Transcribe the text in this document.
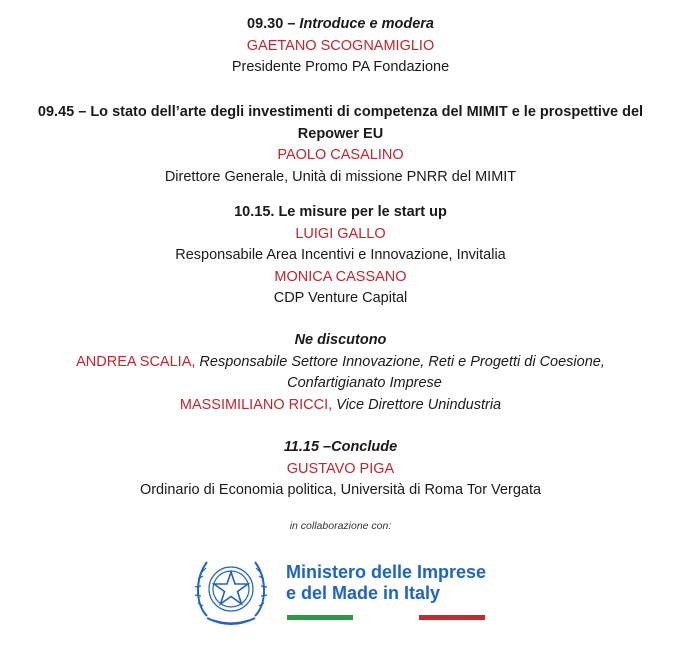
09.30 – Introduce e modera
GAETANO SCOGNAMIGLIO
Presidente Promo PA Fondazione
09.45 – Lo stato dell’arte degli investimenti di competenza del MIMIT e le prospettive del
Repower EU
PAOLO CASALINO
Direttore Generale, Unità di missione PNRR del MIMIT
10.15. Le misure per le start up
LUIGI GALLO
Responsabile Area Incentivi e Innovazione, Invitalia
MONICA CASSANO
CDP Venture Capital
Ne discutono
ANDREA SCALIA, Responsabile Settore Innovazione, Reti e Progetti di Coesione,
Confartigianato Imprese
MASSIMILIANO RICCI, Vice Direttore Unindustria
11.15 –Conclude
GUSTAVO PIGA
Ordinario di Economia politica, Università di Roma Tor Vergata
in collaborazione con:
Ministero delle Imprese
e del Made in Italy
